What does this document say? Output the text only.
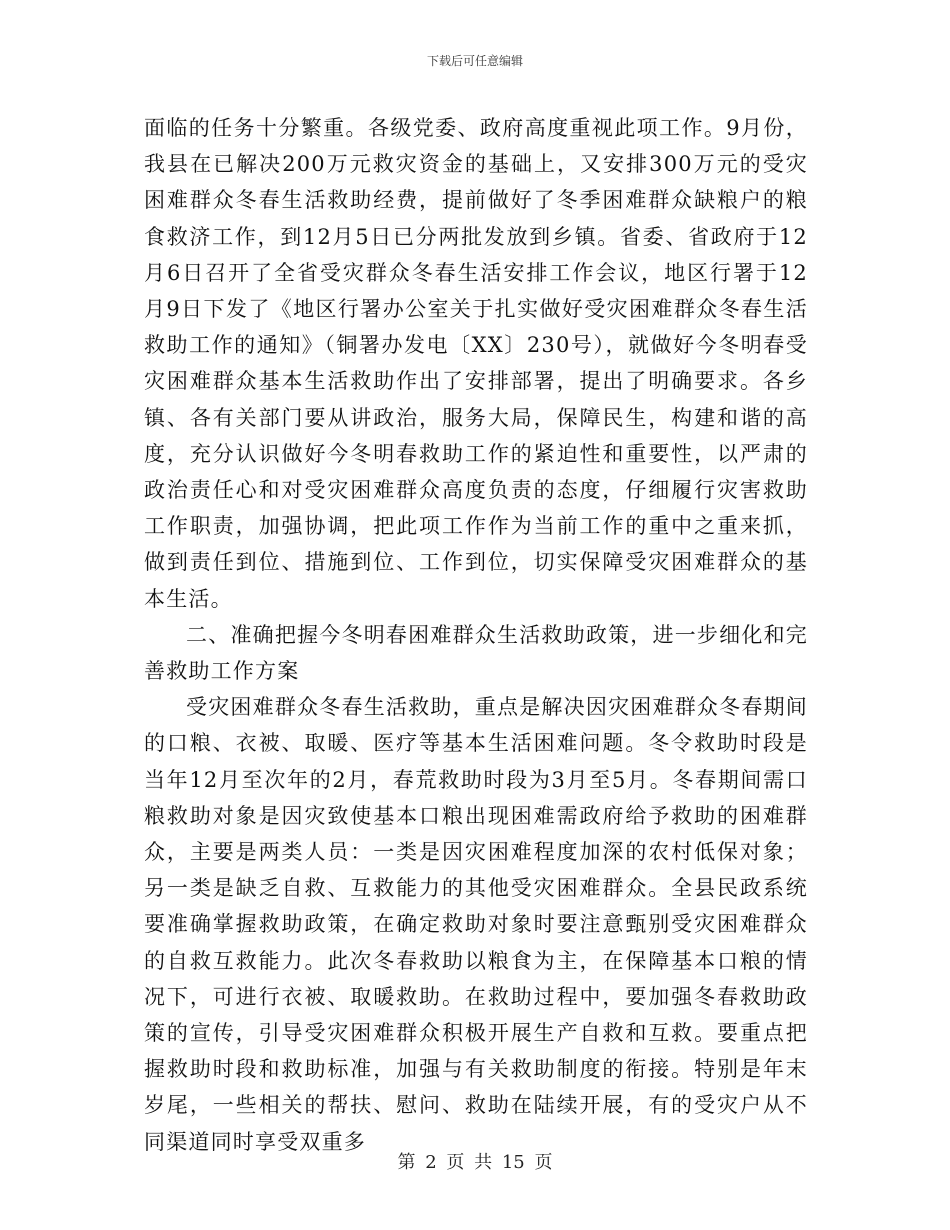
下载后可任意编辑

面临的任务十分繁重。各级党委、政府高度重视此项工作。9月份，我县在已解决200万元救灾资金的基础上，又安排300万元的受灾困难群众冬春生活救助经费，提前做好了冬季困难群众缺粮户的粮食救济工作，到12月5日已分两批发放到乡镇。省委、省政府于12月6日召开了全省受灾群众冬春生活安排工作会议，地区行署于12月9日下发了《地区行署办公室关于扎实做好受灾困难群众冬春生活救助工作的通知》（铜署办发电〔XX〕230号），就做好今冬明春受灾困难群众基本生活救助作出了安排部署，提出了明确要求。各乡镇、各有关部门要从讲政治，服务大局，保障民生，构建和谐的高度，充分认识做好今冬明春救助工作的紧迫性和重要性，以严肃的政治责任心和对受灾困难群众高度负责的态度，仔细履行灾害救助工作职责，加强协调，把此项工作作为当前工作的重中之重来抓，做到责任到位、措施到位、工作到位，切实保障受灾困难群众的基本生活。

二、准确把握今冬明春困难群众生活救助政策，进一步细化和完善救助工作方案

受灾困难群众冬春生活救助，重点是解决因灾困难群众冬春期间的口粮、衣被、取暖、医疗等基本生活困难问题。冬令救助时段是当年12月至次年的2月，春荒救助时段为3月至5月。冬春期间需口粮救助对象是因灾致使基本口粮出现困难需政府给予救助的困难群众，主要是两类人员：一类是因灾困难程度加深的农村低保对象；另一类是缺乏自救、互救能力的其他受灾困难群众。全县民政系统要准确掌握救助政策，在确定救助对象时要注意甄别受灾困难群众的自救互救能力。此次冬春救助以粮食为主，在保障基本口粮的情况下，可进行衣被、取暖救助。在救助过程中，要加强冬春救助政策的宣传，引导受灾困难群众积极开展生产自救和互救。要重点把握救助时段和救助标准，加强与有关救助制度的衔接。特别是年末岁尾，一些相关的帮扶、慰问、救助在陆续开展，有的受灾户从不同渠道同时享受双重多

第 2 页 共 15 页
